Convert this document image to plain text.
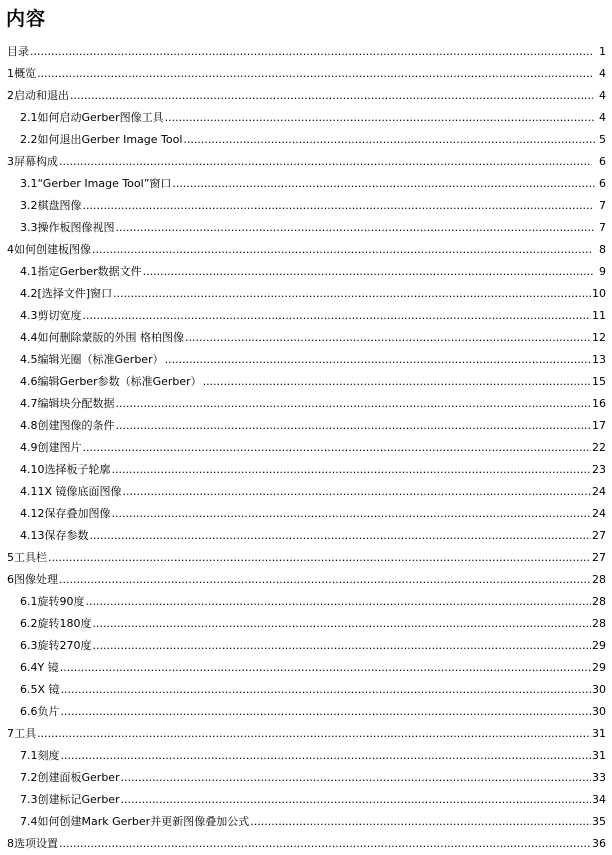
内容
目录 .....	1
1 概览 .....	4
2 启动和退出 .....	4
2.1 如何启动Gerber图像工具 .....	4
2.2 如何退出Gerber Image Tool .....	5
3 屏幕构成 .....	6
3.1 “Gerber Image Tool”窗口 .....	6
3.2 棋盘图像 .....	7
3.3 操作板图像视图 .....	7
4 如何创建板图像 .....	8
4.1 指定Gerber数据文件 .....	9
4.2 [选择文件]窗口 .....	10
4.3 剪切宽度 .....	11
4.4 如何删除蒙版的外围 格柏图像 .....	12
4.5 编辑光圈（标准Gerber） .....	13
4.6 编辑Gerber参数（标准Gerber） .....	15
4.7 编辑块分配数据 .....	16
4.8 创建图像的条件 .....	17
4.9 创建图片 .....	22
4.10 选择板子轮廓 .....	23
4.11 X 镜像底面图像 .....	24
4.12 保存叠加图像 .....	24
4.13 保存参数 .....	27
5 工具栏 .....	27
6 图像处理 .....	28
6.1 旋转90度 .....	28
6.2 旋转180度 .....	28
6.3 旋转270度 .....	29
6.4 Y 镜 .....	29
6.5 X 镜 .....	30
6.6 负片 .....	30
7 工具 .....	31
7.1 刻度 .....	31
7.2 创建面板Gerber .....	33
7.3 创建标记Gerber .....	34
7.4 如何创建Mark Gerber并更新图像叠加公式 .....	35
8 选项设置 .....	36
